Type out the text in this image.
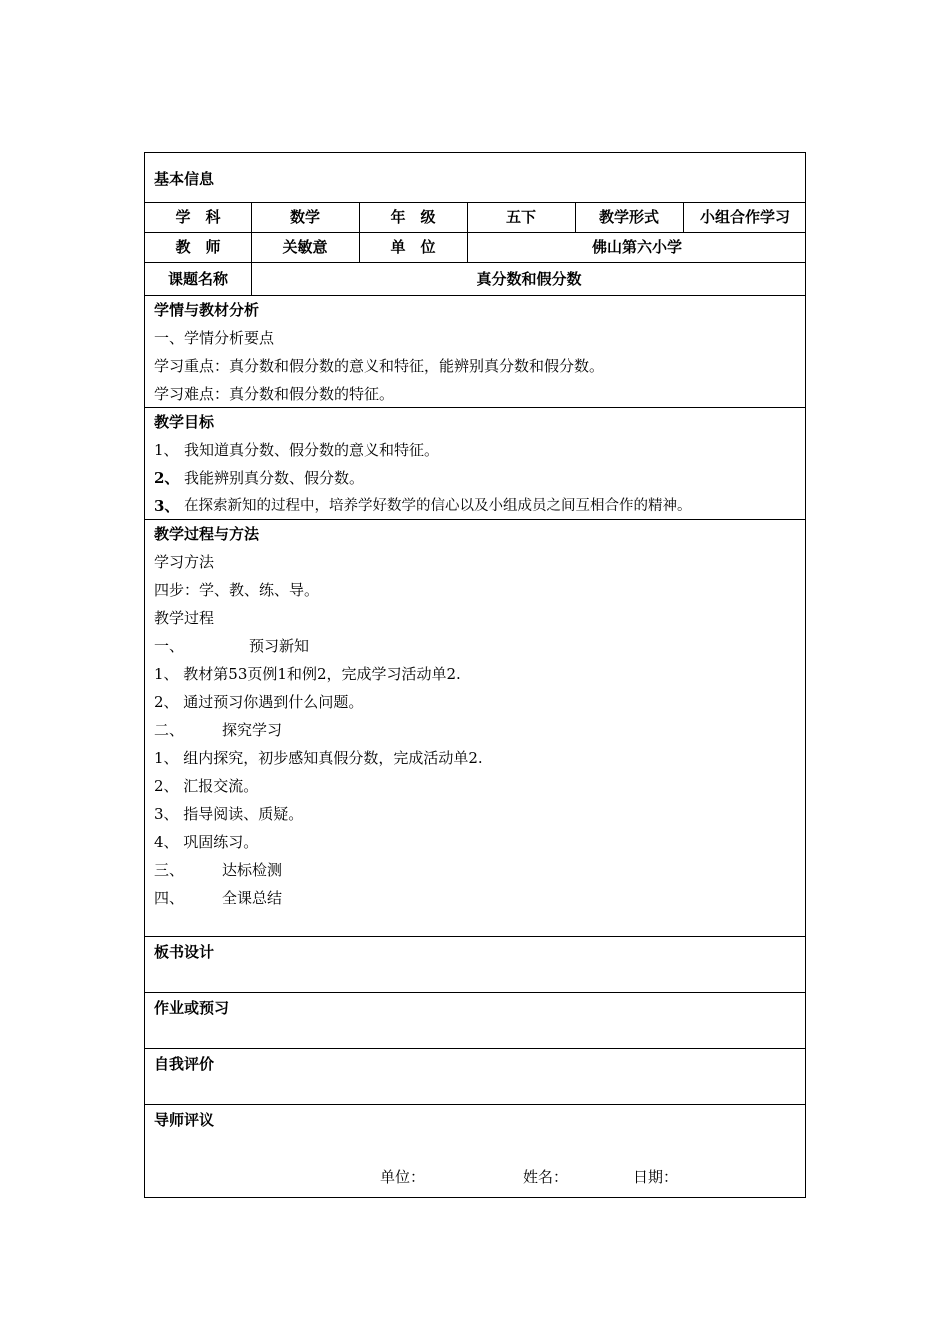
基本信息
学　科	数学	年　级	五下	教学形式	小组合作学习
教　师	关敏意	单　位	佛山第六小学
课题名称	真分数和假分数
学情与教材分析
一、学情分析要点
学习重点：真分数和假分数的意义和特征，能辨别真分数和假分数。
学习难点：真分数和假分数的特征。
教学目标
1、 我知道真分数、假分数的意义和特征。
2、 我能辨别真分数、假分数。
3、 在探索新知的过程中，培养学好数学的信心以及小组成员之间互相合作的精神。
教学过程与方法
学习方法
四步：学、教、练、导。
教学过程
一、	预习新知
1、 教材第53页例1和例2，完成学习活动单2.
2、 通过预习你遇到什么问题。
二、	探究学习
1、 组内探究，初步感知真假分数，完成活动单2.
2、 汇报交流。
3、 指导阅读、质疑。
4、 巩固练习。
三、	达标检测
四、	全课总结
板书设计
作业或预习
自我评价
导师评议
单位：	姓名：	日期：
